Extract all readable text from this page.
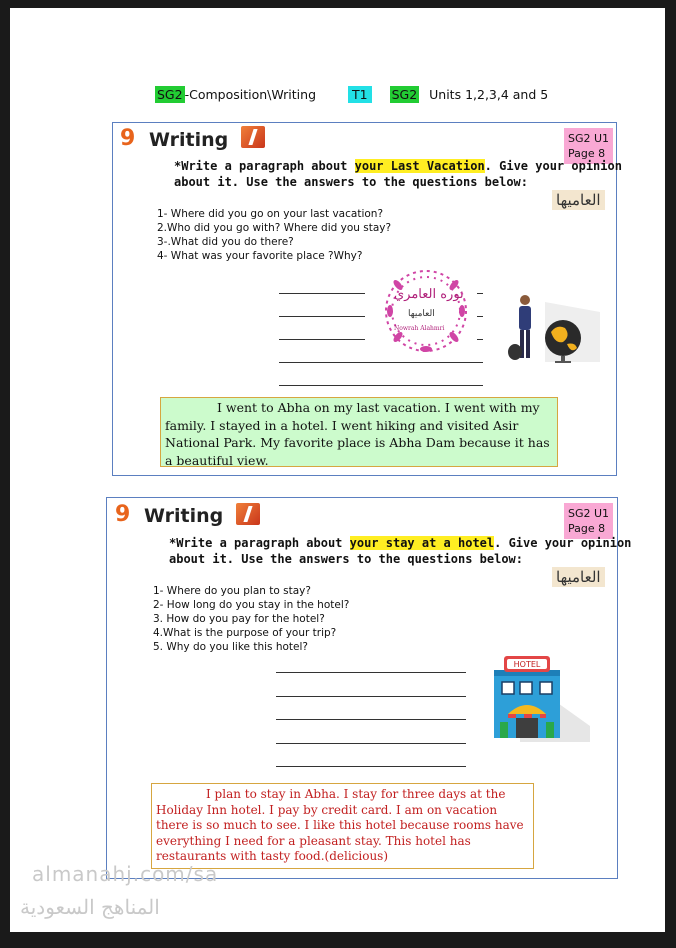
SG2 -Composition\Writing	T1 SG2 Units 1,2,3,4 and 5
9 Writing	SG2 U1
Page 8
*Write a paragraph about your Last Vacation. Give your opinion
about it. Use the answers to the questions below:
العاميها
1- Where did you go on your last vacation?
2.Who did you go with? Where did you stay?
3-.What did you do there?
4- What was your favorite place ?Why?
نوره العامري
العاميها
Nowrah Alahmri
I went to Abha on my last vacation. I went with my family. I stayed in a hotel. I went hiking and visited Asir National Park. My favorite place is Abha Dam because it has a beautiful view.
9 Writing	SG2 U1
Page 8
*Write a paragraph about your stay at a hotel. Give your opinion
about it. Use the answers to the questions below:
العاميها
1- Where do you plan to stay?
2- How long do you stay in the hotel?
3. How do you pay for the hotel?
4.What is the purpose of your trip?
5. Why do you like this hotel?
HOTEL
I plan to stay in Abha. I stay for three days at the Holiday Inn hotel. I pay by credit card. I am on vacation there is so much to see. I like this hotel because rooms have everything I need for a pleasant stay. This hotel has restaurants with tasty food.(delicious)
almanahj.com/sa
المناهج السعودية
